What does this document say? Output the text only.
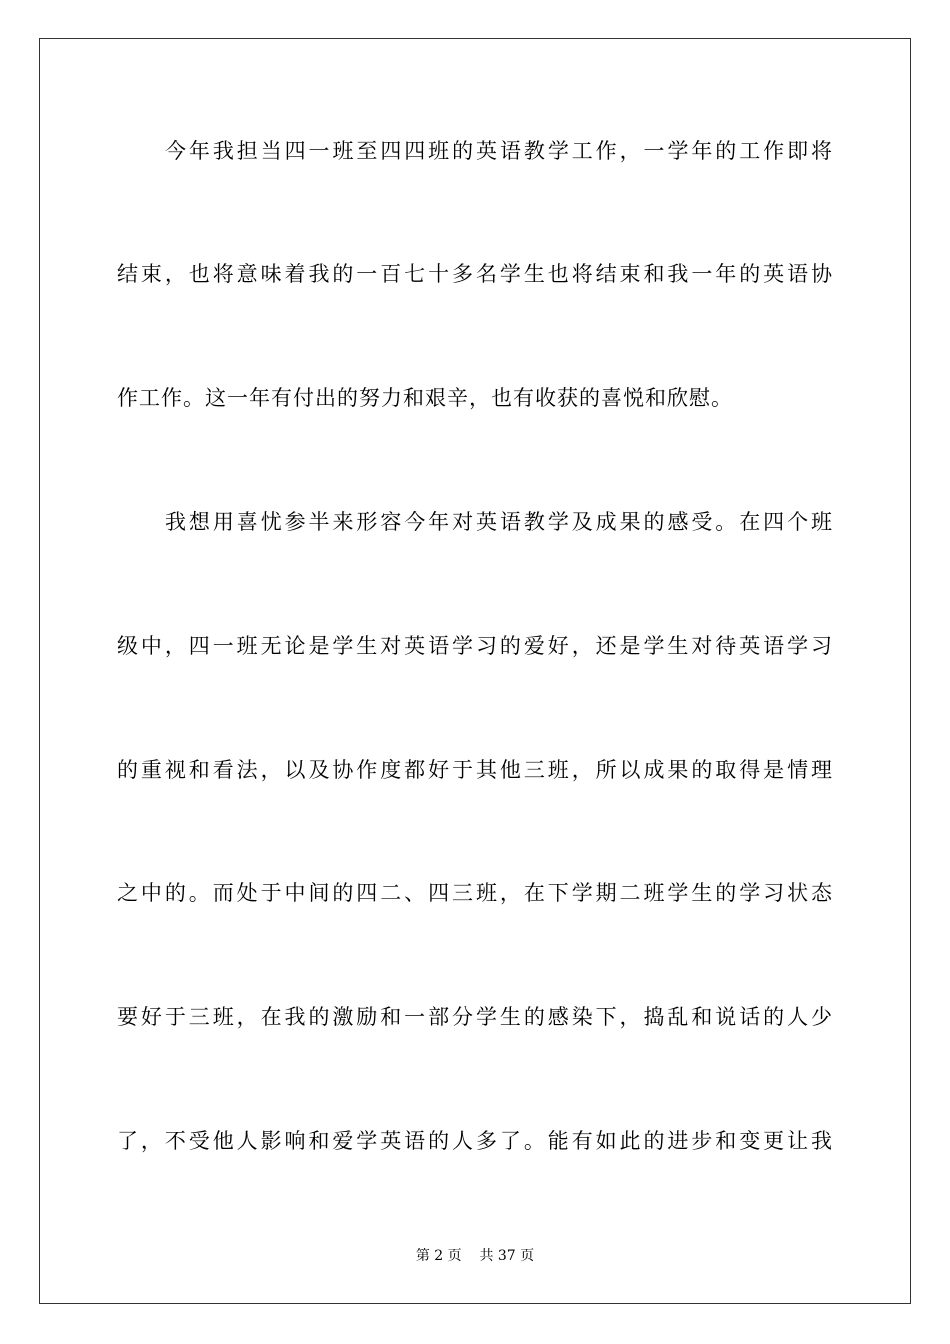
今年我担当四一班至四四班的英语教学工作，一学年的工作即将
结束，也将意味着我的一百七十多名学生也将结束和我一年的英语协
作工作。这一年有付出的努力和艰辛，也有收获的喜悦和欣慰。
我想用喜忧参半来形容今年对英语教学及成果的感受。在四个班
级中，四一班无论是学生对英语学习的爱好，还是学生对待英语学习
的重视和看法，以及协作度都好于其他三班，所以成果的取得是情理
之中的。而处于中间的四二、四三班，在下学期二班学生的学习状态
要好于三班，在我的激励和一部分学生的感染下，捣乱和说话的人少
了，不受他人影响和爱学英语的人多了。能有如此的进步和变更让我
第 2 页 共 37 页
